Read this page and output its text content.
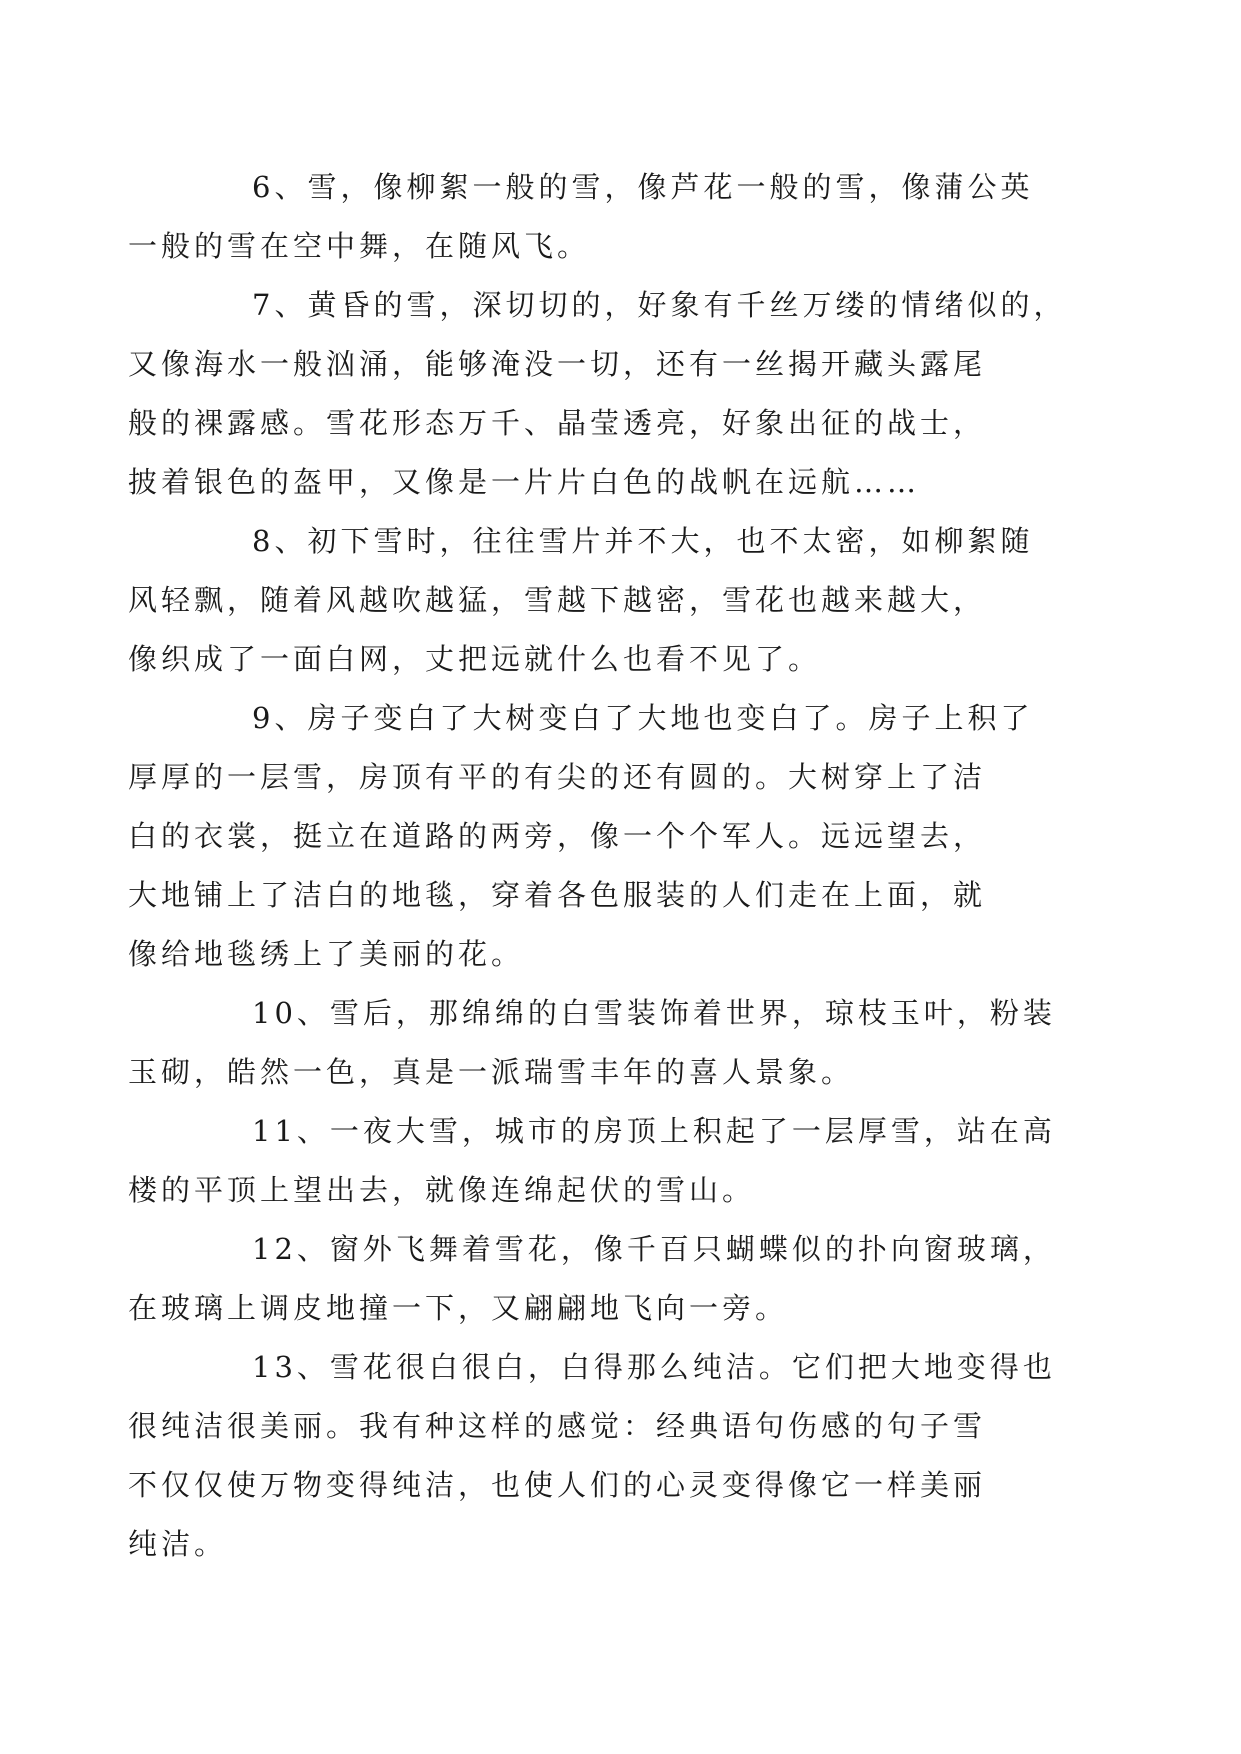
6、雪，像柳絮一般的雪，像芦花一般的雪，像蒲公英
一般的雪在空中舞，在随风飞。

7、黄昏的雪，深切切的，好象有千丝万缕的情绪似的，
又像海水一般汹涌，能够淹没一切，还有一丝揭开藏头露尾
般的裸露感。雪花形态万千、晶莹透亮，好象出征的战士，
披着银色的盔甲，又像是一片片白色的战帆在远航……

8、初下雪时，往往雪片并不大，也不太密，如柳絮随
风轻飘，随着风越吹越猛，雪越下越密，雪花也越来越大，
像织成了一面白网，丈把远就什么也看不见了。

9、房子变白了大树变白了大地也变白了。房子上积了
厚厚的一层雪，房顶有平的有尖的还有圆的。大树穿上了洁
白的衣裳，挺立在道路的两旁，像一个个军人。远远望去，
大地铺上了洁白的地毯，穿着各色服装的人们走在上面，就
像给地毯绣上了美丽的花。

10、雪后，那绵绵的白雪装饰着世界，琼枝玉叶，粉装
玉砌，皓然一色，真是一派瑞雪丰年的喜人景象。

11、一夜大雪，城市的房顶上积起了一层厚雪，站在高
楼的平顶上望出去，就像连绵起伏的雪山。

12、窗外飞舞着雪花，像千百只蝴蝶似的扑向窗玻璃，
在玻璃上调皮地撞一下，又翩翩地飞向一旁。

13、雪花很白很白，白得那么纯洁。它们把大地变得也
很纯洁很美丽。我有种这样的感觉：经典语句伤感的句子雪
不仅仅使万物变得纯洁，也使人们的心灵变得像它一样美丽
纯洁。
